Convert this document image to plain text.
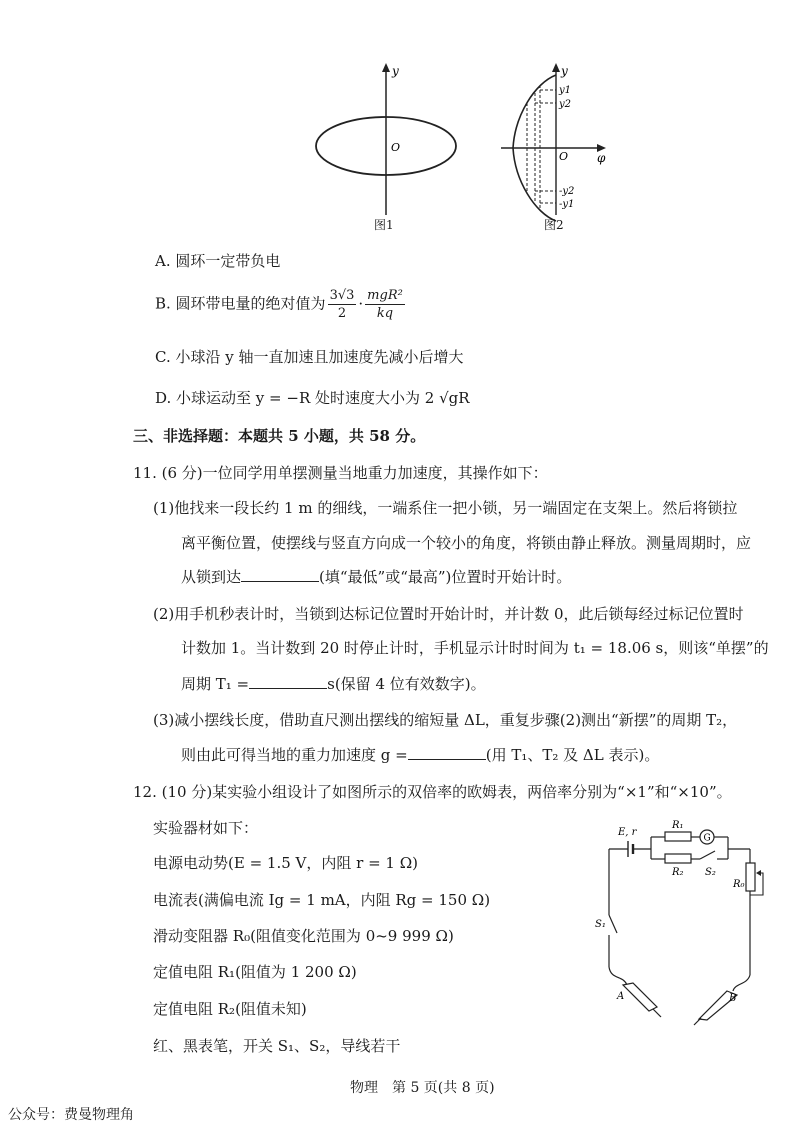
y
O
图1
y
φ
O
y1
y2
-y2
-y1
图2
A. 圆环一定带负电
B. 圆环带电量的绝对值为 $\frac{3√3}{2} \cdot \frac{\text{mgR²}}{kq}$
C. 小球沿 y 轴一直加速且加速度先减小后增大
D. 小球运动至 y = −R 处时速度大小为 2 √gR
三、非选择题：本题共 5 小题，共 58 分。
11. (6 分)一位同学用单摆测量当地重力加速度，其操作如下：
(1)他找来一段长约 1 m 的细线，一端系住一把小锁，另一端固定在支架上。然后将锁拉
离平衡位置，使摆线与竖直方向成一个较小的角度，将锁由静止释放。测量周期时，应
从锁到达	(填“最低”或“最高”)位置时开始计时。
(2)用手机秒表计时，当锁到达标记位置时开始计时，并计数 0，此后锁每经过标记位置时
计数加 1。当计数到 20 时停止计时，手机显示计时时间为 t₁ = 18.06 s，则该“单摆”的
周期 T₁ =	s(保留 4 位有效数字)。
(3)减小摆线长度，借助直尺测出摆线的缩短量 ΔL，重复步骤(2)测出“新摆”的周期 T₂，
则由此可得当地的重力加速度 g =	(用 T₁、T₂ 及 ΔL 表示)。
12. (10 分)某实验小组设计了如图所示的双倍率的欧姆表，两倍率分别为“×1”和“×10”。
实验器材如下：
电源电动势(E = 1.5 V，内阻 r = 1 Ω)
电流表(满偏电流 Ig = 1 mA，内阻 Rg = 150 Ω)
滑动变阻器 R₀(阻值变化范围为 0~9 999 Ω)
定值电阻 R₁(阻值为 1 200 Ω)
定值电阻 R₂(阻值未知)
红、黑表笔，开关 S₁、S₂，导线若干
E, r
G
R₁
R₂ S₂
R₀
B
S₁
A
物理　第 5 页(共 8 页)
公众号：费曼物理角
